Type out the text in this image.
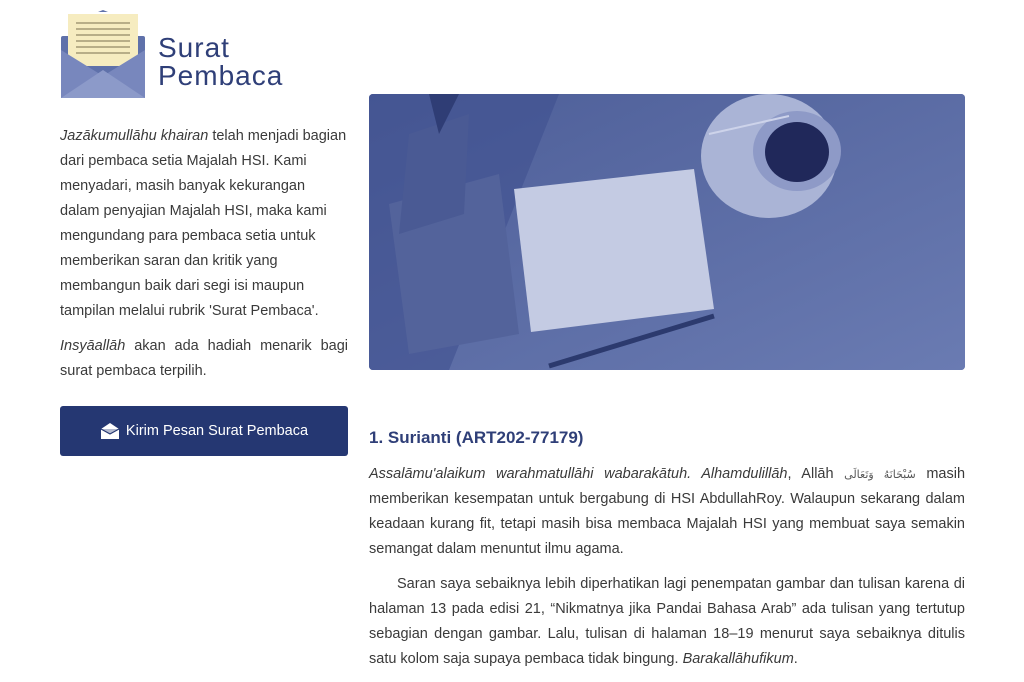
Surat
Pembaca

Jazākumullāhu khairan telah menjadi bagian dari pembaca setia Majalah HSI. Kami menyadari, masih banyak kekurangan dalam penyajian Majalah HSI, maka kami mengundang para pembaca setia untuk memberikan saran dan kritik yang membangun baik dari segi isi maupun tampilan melalui rubrik 'Surat Pembaca'.

Insyāallāh akan ada hadiah menarik bagi surat pembaca terpilih.

Kirim Pesan Surat Pembaca	1. Surianti (ART202-77179)

Assalāmu'alaikum warahmatullāhi wabarakātuh. Alhamdulillāh, Allāh سُبْحَانَهُ وَتَعَالَى masih memberikan kesempatan untuk bergabung di HSI AbdullahRoy. Walaupun sekarang dalam keadaan kurang fit, tetapi masih bisa membaca Majalah HSI yang membuat saya semakin semangat dalam menuntut ilmu agama.

Saran saya sebaiknya lebih diperhatikan lagi penempatan gambar dan tulisan karena di halaman 13 pada edisi 21, “Nikmatnya jika Pandai Bahasa Arab” ada tulisan yang tertutup sebagian dengan gambar. Lalu, tulisan di halaman 18–19 menurut saya sebaiknya ditulis satu kolom saja supaya pembaca tidak bingung. Barakallāhufikum.
